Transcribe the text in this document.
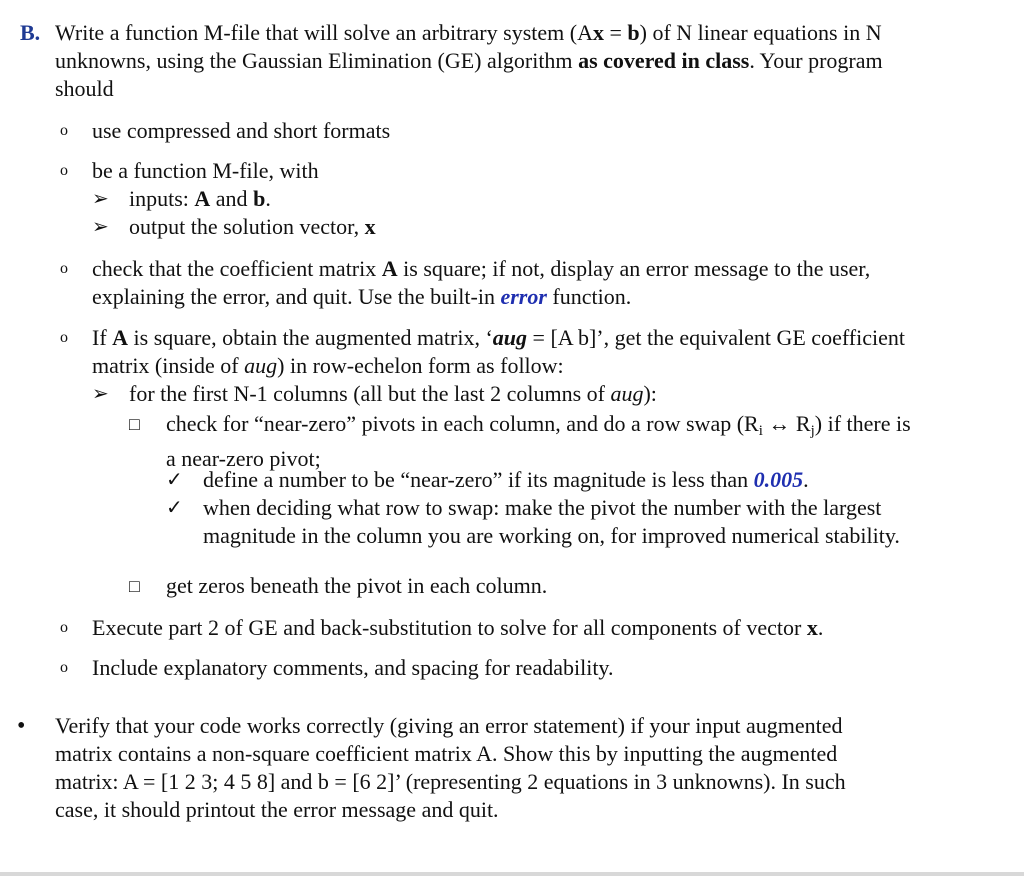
B. Write a function M-file that will solve an arbitrary system (Ax = b) of N linear equations in N
unknowns, using the Gaussian Elimination (GE) algorithm as covered in class. Your program
should
o use compressed and short formats
o be a function M-file, with
➢ inputs: A and b.
➢ output the solution vector, x
o check that the coefficient matrix A is square; if not, display an error message to the user,
explaining the error, and quit. Use the built-in error function.
o If A is square, obtain the augmented matrix, ‘aug = [A b]’, get the equivalent GE coefficient
matrix (inside of aug) in row-echelon form as follow:
➢ for the first N-1 columns (all but the last 2 columns of aug):
□ check for “near-zero” pivots in each column, and do a row swap ($R_i$ ↔ $R_j$) if there is
a near-zero pivot;
✓ define a number to be “near-zero” if its magnitude is less than 0.005.
✓ when deciding what row to swap: make the pivot the number with the largest
magnitude in the column you are working on, for improved numerical stability.
□ get zeros beneath the pivot in each column.
o Execute part 2 of GE and back-substitution to solve for all components of vector x.
o Include explanatory comments, and spacing for readability.
• Verify that your code works correctly (giving an error statement) if your input augmented
matrix contains a non-square coefficient matrix A. Show this by inputting the augmented
matrix: A = [1 2 3; 4 5 8] and b = [6 2]’ (representing 2 equations in 3 unknowns). In such
case, it should printout the error message and quit.
